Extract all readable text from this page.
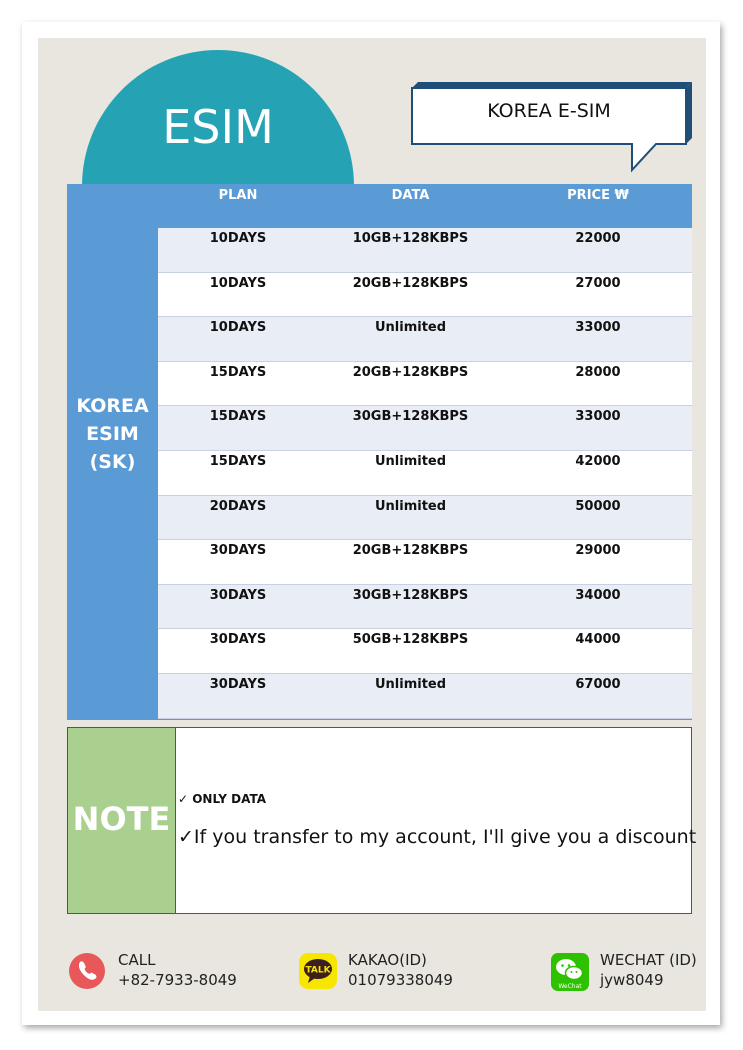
ESIM	KOREA E-SIM
PLAN	DATA	PRICE ₩
KOREA
ESIM
(SK)
10DAYS	10GB+128KBPS	22000
10DAYS	20GB+128KBPS	27000
10DAYS	Unlimited	33000
15DAYS	20GB+128KBPS	28000
15DAYS	30GB+128KBPS	33000
15DAYS	Unlimited	42000
20DAYS	Unlimited	50000
30DAYS	20GB+128KBPS	29000
30DAYS	30GB+128KBPS	34000
30DAYS	50GB+128KBPS	44000
30DAYS	Unlimited	67000
NOTE
✓ ONLY DATA
✓If you transfer to my account, I'll give you a discount
CALL
+82-7933-8049
TALK
KAKAO(ID)
01079338049	WeChat
WECHAT (ID)
jyw8049
